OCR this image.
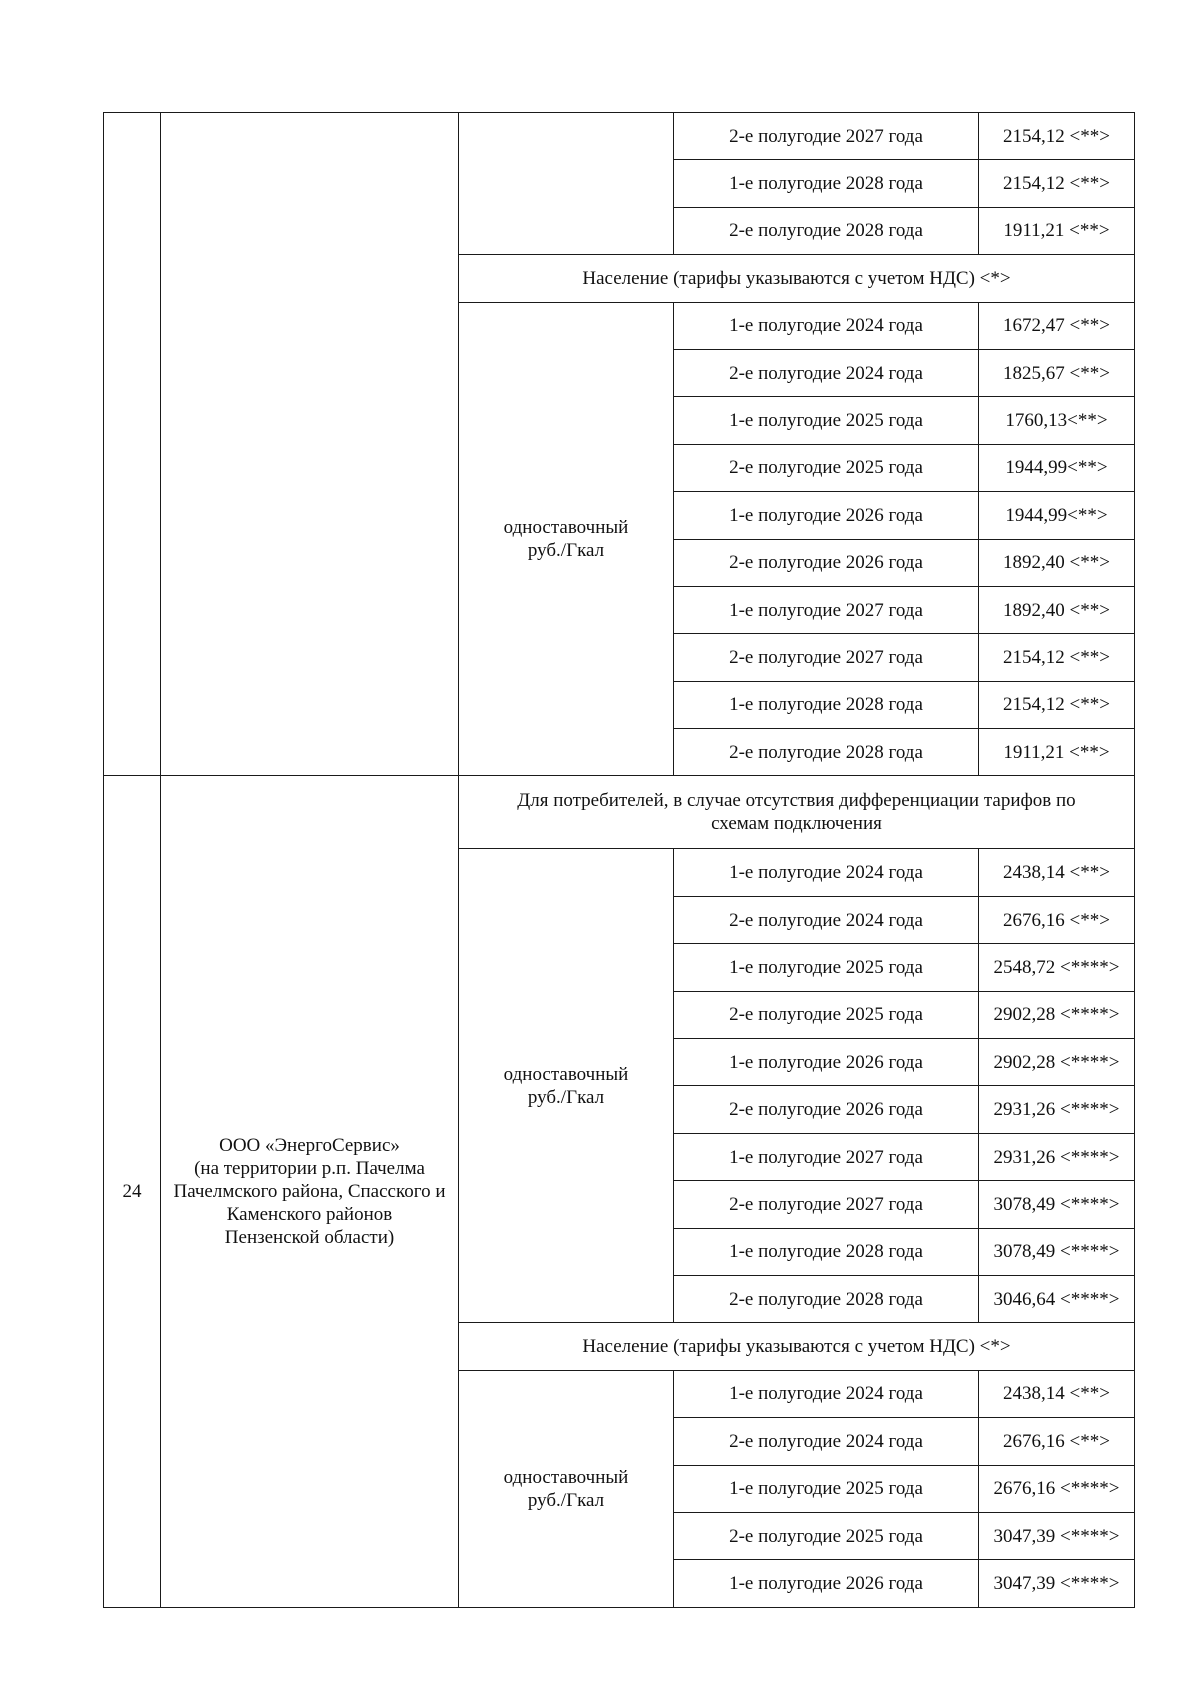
			2-е полугодие 2027 года	2154,12 <**>
			1-е полугодие 2028 года	2154,12 <**>
			2-е полугодие 2028 года	1911,21 <**>
		Население (тарифы указываются с учетом НДС) <*>		

		одноставочный
руб./Гкал	1-е полугодие 2024 года	1672,47 <**>
			2-е полугодие 2024 года	1825,67 <**>
			1-е полугодие 2025 года	1760,13<**>
			2-е полугодие 2025 года	1944,99<**>
			1-е полугодие 2026 года	1944,99<**>
			2-е полугодие 2026 года	1892,40 <**>
			1-е полугодие 2027 года	1892,40 <**>
			2-е полугодие 2027 года	2154,12 <**>
			1-е полугодие 2028 года	2154,12 <**>
			2-е полугодие 2028 года	1911,21 <**>
24	ООО «ЭнергоСервис»
(на территории р.п. Пачелма
Пачелмского района, Спасского и
Каменского районов
Пензенской области)	Для потребителей, в случае отсутствия дифференциации тарифов по
схемам подключения		

		одноставочный
руб./Гкал	1-е полугодие 2024 года	2438,14 <**>
			2-е полугодие 2024 года	2676,16 <**>
			1-е полугодие 2025 года	2548,72 <****>
			2-е полугодие 2025 года	2902,28 <****>
			1-е полугодие 2026 года	2902,28 <****>
			2-е полугодие 2026 года	2931,26 <****>
			1-е полугодие 2027 года	2931,26 <****>
			2-е полугодие 2027 года	3078,49 <****>
			1-е полугодие 2028 года	3078,49 <****>
			2-е полугодие 2028 года	3046,64 <****>
		Население (тарифы указываются с учетом НДС) <*>		

		одноставочный
руб./Гкал	1-е полугодие 2024 года	2438,14 <**>
			2-е полугодие 2024 года	2676,16 <**>
			1-е полугодие 2025 года	2676,16 <****>
			2-е полугодие 2025 года	3047,39 <****>
			1-е полугодие 2026 года	3047,39 <****>
